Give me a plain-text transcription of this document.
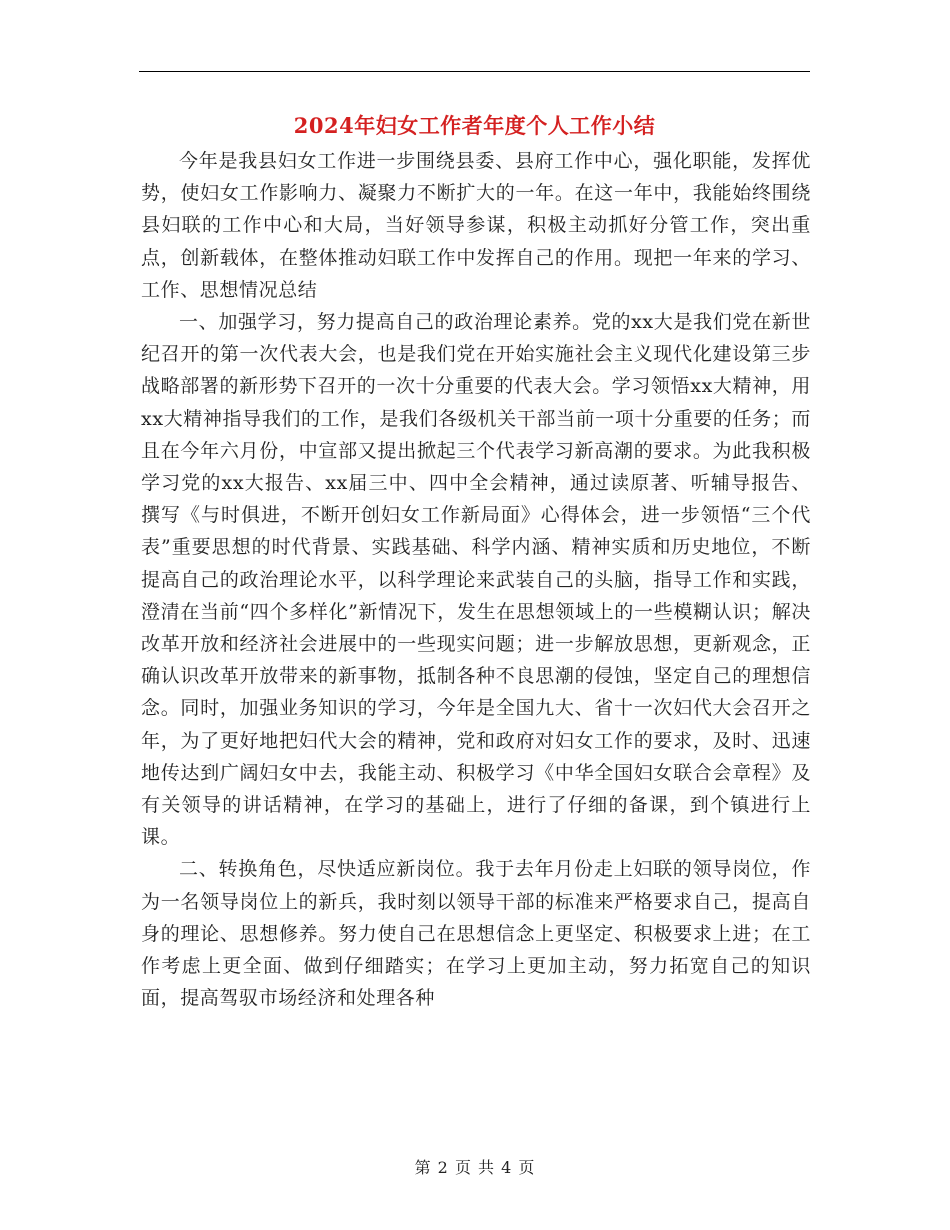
2024年妇女工作者年度个人工作小结

今年是我县妇女工作进一步围绕县委、县府工作中心，强化职能，发挥优势，使妇女工作影响力、凝聚力不断扩大的一年。在这一年中，我能始终围绕县妇联的工作中心和大局，当好领导参谋，积极主动抓好分管工作，突出重点，创新载体，在整体推动妇联工作中发挥自己的作用。现把一年来的学习、工作、思想情况总结

一、加强学习，努力提高自己的政治理论素养。党的xx大是我们党在新世纪召开的第一次代表大会，也是我们党在开始实施社会主义现代化建设第三步战略部署的新形势下召开的一次十分重要的代表大会。学习领悟xx大精神，用xx大精神指导我们的工作，是我们各级机关干部当前一项十分重要的任务；而且在今年六月份，中宣部又提出掀起三个代表学习新高潮的要求。为此我积极学习党的xx大报告、xx届三中、四中全会精神，通过读原著、听辅导报告、撰写《与时俱进，不断开创妇女工作新局面》心得体会，进一步领悟“三个代表”重要思想的时代背景、实践基础、科学内涵、精神实质和历史地位，不断提高自己的政治理论水平，以科学理论来武装自己的头脑，指导工作和实践，澄清在当前“四个多样化”新情况下，发生在思想领域上的一些模糊认识；解决改革开放和经济社会进展中的一些现实问题；进一步解放思想，更新观念，正确认识改革开放带来的新事物，抵制各种不良思潮的侵蚀，坚定自己的理想信念。同时，加强业务知识的学习，今年是全国九大、省十一次妇代大会召开之年，为了更好地把妇代大会的精神，党和政府对妇女工作的要求，及时、迅速地传达到广阔妇女中去，我能主动、积极学习《中华全国妇女联合会章程》及有关领导的讲话精神，在学习的基础上，进行了仔细的备课，到个镇进行上课。

二、转换角色，尽快适应新岗位。我于去年月份走上妇联的领导岗位，作为一名领导岗位上的新兵，我时刻以领导干部的标准来严格要求自己，提高自身的理论、思想修养。努力使自己在思想信念上更坚定、积极要求上进；在工作考虑上更全面、做到仔细踏实；在学习上更加主动，努力拓宽自己的知识面，提高驾驭市场经济和处理各种

第 2 页 共 4 页
